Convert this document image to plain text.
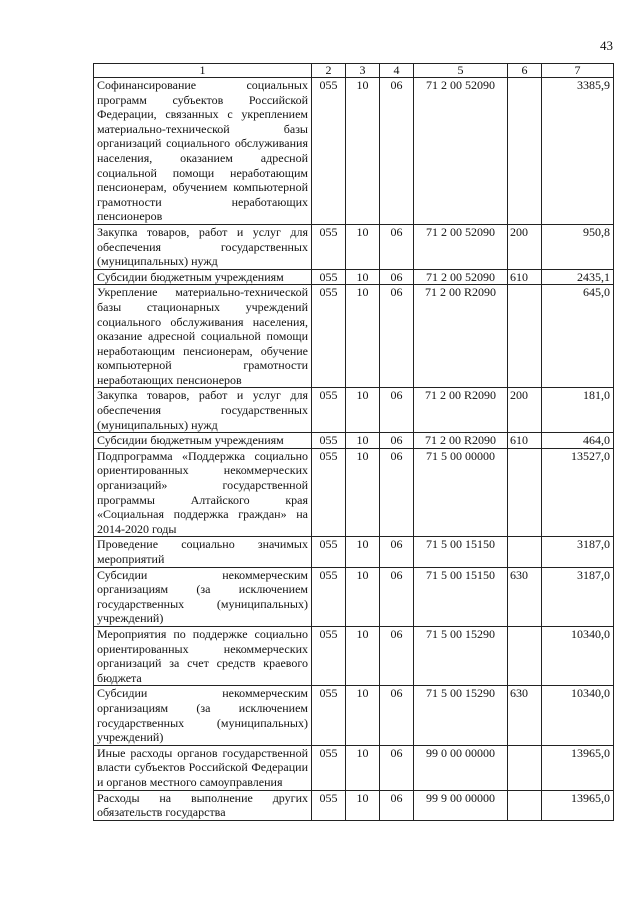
43
1	2	3	4	5	6	7
Софинансирование социальных программ субъектов Российской Федерации, связанных с укреплением материально-технической базы организаций социального обслуживания населения, оказанием адресной социальной помощи неработающим пенсионерам, обучением компьютерной грамотности неработающих пенсионеров	055	10	06	71 2 00 52090		3385,9
Закупка товаров, работ и услуг для обеспечения государственных (муниципальных) нужд	055	10	06	71 2 00 52090	200	950,8
Субсидии бюджетным учреждениям	055	10	06	71 2 00 52090	610	2435,1
Укрепление материально-технической базы стационарных учреждений социального обслуживания населения, оказание адресной социальной помощи неработающим пенсионерам, обучение компьютерной грамотности неработающих пенсионеров	055	10	06	71 2 00 R2090		645,0
Закупка товаров, работ и услуг для обеспечения государственных (муниципальных) нужд	055	10	06	71 2 00 R2090	200	181,0
Субсидии бюджетным учреждениям	055	10	06	71 2 00 R2090	610	464,0
Подпрограмма «Поддержка социально ориентированных некоммерческих организаций» государственной программы Алтайского края «Социальная поддержка граждан» на 2014-2020 годы	055	10	06	71 5 00 00000		13527,0
Проведение социально значимых мероприятий	055	10	06	71 5 00 15150		3187,0
Субсидии некоммерческим организациям (за исключением государственных (муниципальных) учреждений)	055	10	06	71 5 00 15150	630	3187,0
Мероприятия по поддержке социально ориентированных некоммерческих организаций за счет средств краевого бюджета	055	10	06	71 5 00 15290		10340,0
Субсидии некоммерческим организациям (за исключением государственных (муниципальных) учреждений)	055	10	06	71 5 00 15290	630	10340,0
Иные расходы органов государственной власти субъектов Российской Федерации и органов местного самоуправления	055	10	06	99 0 00 00000		13965,0
Расходы на выполнение других обязательств государства	055	10	06	99 9 00 00000		13965,0
